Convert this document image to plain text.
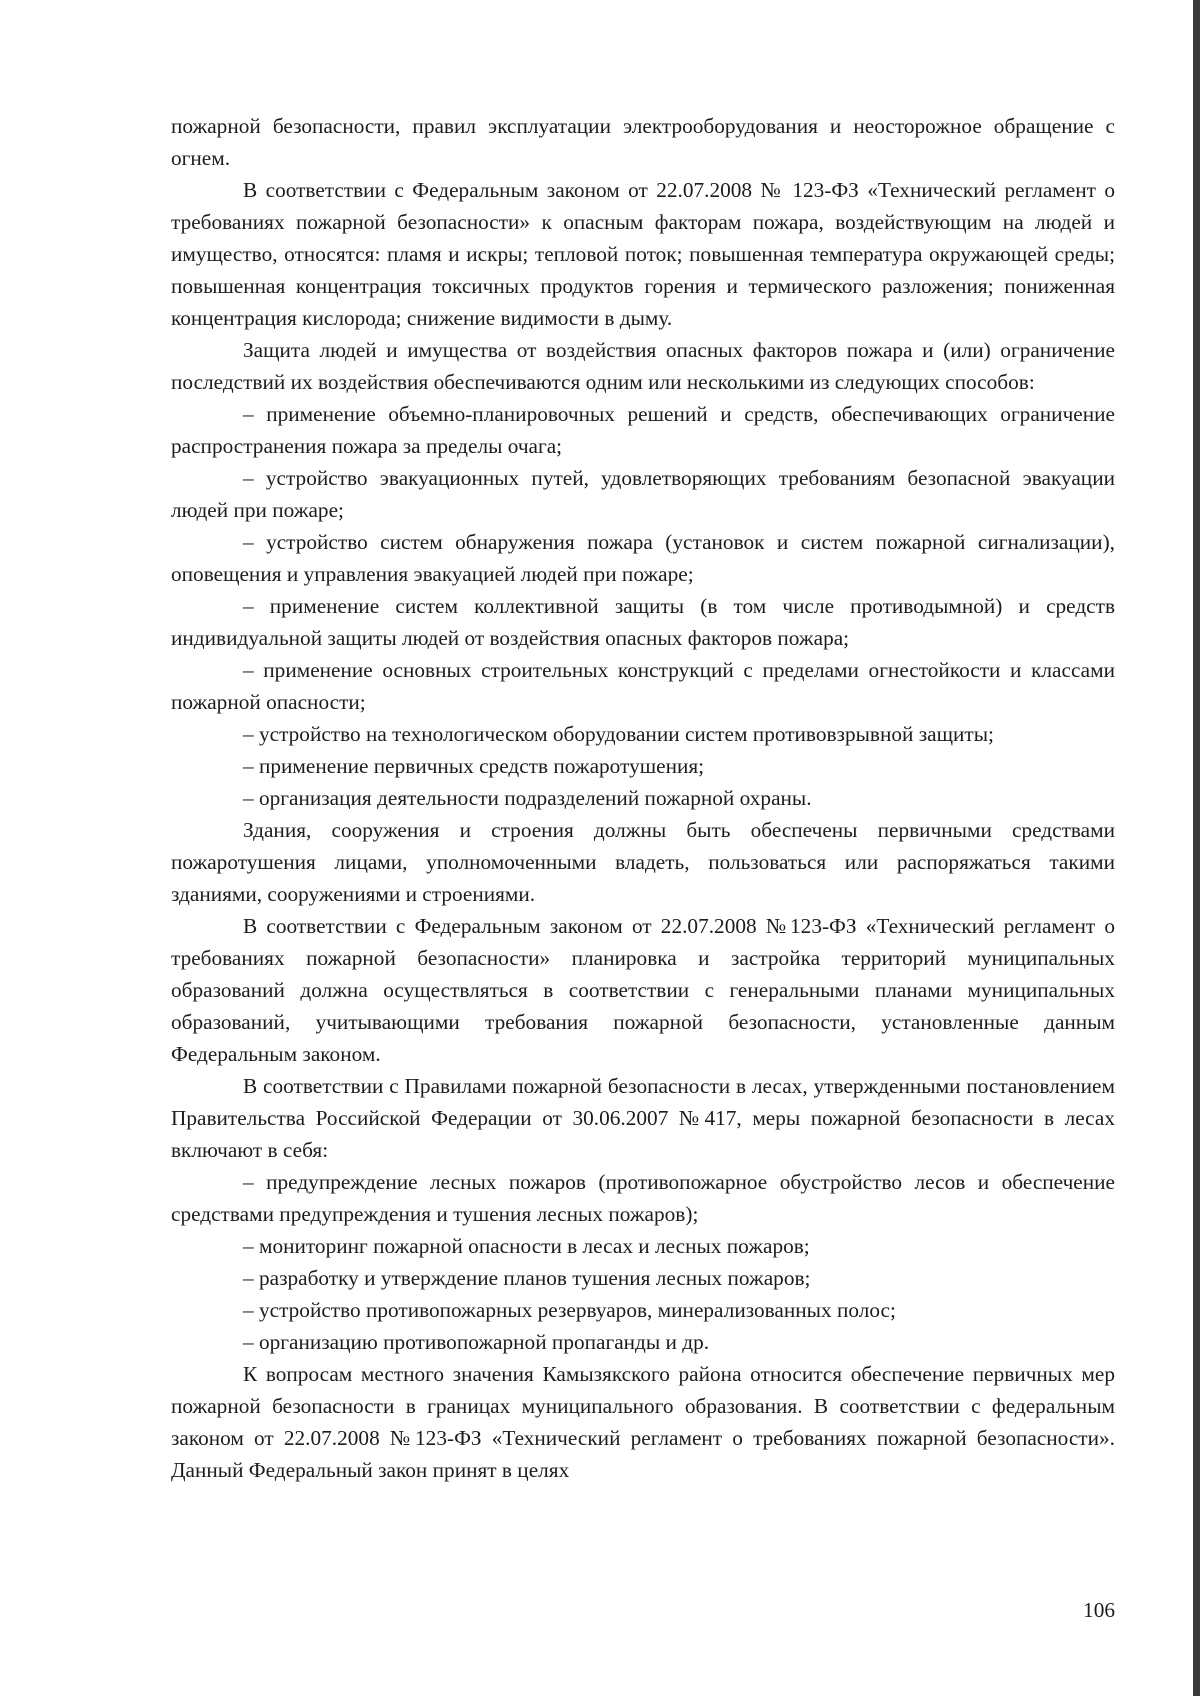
пожарной безопасности, правил эксплуатации электрооборудования и неосторожное обращение с огнем.

В соответствии с Федеральным законом от 22.07.2008 № 123-ФЗ «Технический регламент о требованиях пожарной безопасности» к опасным факторам пожара, воздействующим на людей и имущество, относятся: пламя и искры; тепловой поток; повышенная температура окружающей среды; повышенная концентрация токсичных продуктов горения и термического разложения; пониженная концентрация кислорода; снижение видимости в дыму.

Защита людей и имущества от воздействия опасных факторов пожара и (или) ограничение последствий их воздействия обеспечиваются одним или несколькими из следующих способов:

– применение объемно-планировочных решений и средств, обеспечивающих ограничение распространения пожара за пределы очага;

– устройство эвакуационных путей, удовлетворяющих требованиям безопасной эвакуации людей при пожаре;

– устройство систем обнаружения пожара (установок и систем пожарной сигнализации), оповещения и управления эвакуацией людей при пожаре;

– применение систем коллективной защиты (в том числе противодымной) и средств индивидуальной защиты людей от воздействия опасных факторов пожара;

– применение основных строительных конструкций с пределами огнестойкости и классами пожарной опасности;

– устройство на технологическом оборудовании систем противовзрывной защиты;

– применение первичных средств пожаротушения;

– организация деятельности подразделений пожарной охраны.

Здания, сооружения и строения должны быть обеспечены первичными средствами пожаротушения лицами, уполномоченными владеть, пользоваться или распоряжаться такими зданиями, сооружениями и строениями.

В соответствии с Федеральным законом от 22.07.2008 №123-ФЗ «Технический регламент о требованиях пожарной безопасности» планировка и застройка территорий муниципальных образований должна осуществляться в соответствии с генеральными планами муниципальных образований, учитывающими требования пожарной безопасности, установленные данным Федеральным законом.

В соответствии с Правилами пожарной безопасности в лесах, утвержденными постановлением Правительства Российской Федерации от 30.06.2007 №417, меры пожарной безопасности в лесах включают в себя:

– предупреждение лесных пожаров (противопожарное обустройство лесов и обеспечение средствами предупреждения и тушения лесных пожаров);

– мониторинг пожарной опасности в лесах и лесных пожаров;

– разработку и утверждение планов тушения лесных пожаров;

– устройство противопожарных резервуаров, минерализованных полос;

– организацию противопожарной пропаганды и др.

К вопросам местного значения Камызякского района относится обеспечение первичных мер пожарной безопасности в границах муниципального образования. В соответствии с федеральным законом от 22.07.2008 №123-ФЗ «Технический регламент о требованиях пожарной безопасности». Данный Федеральный закон принят в целях

106
